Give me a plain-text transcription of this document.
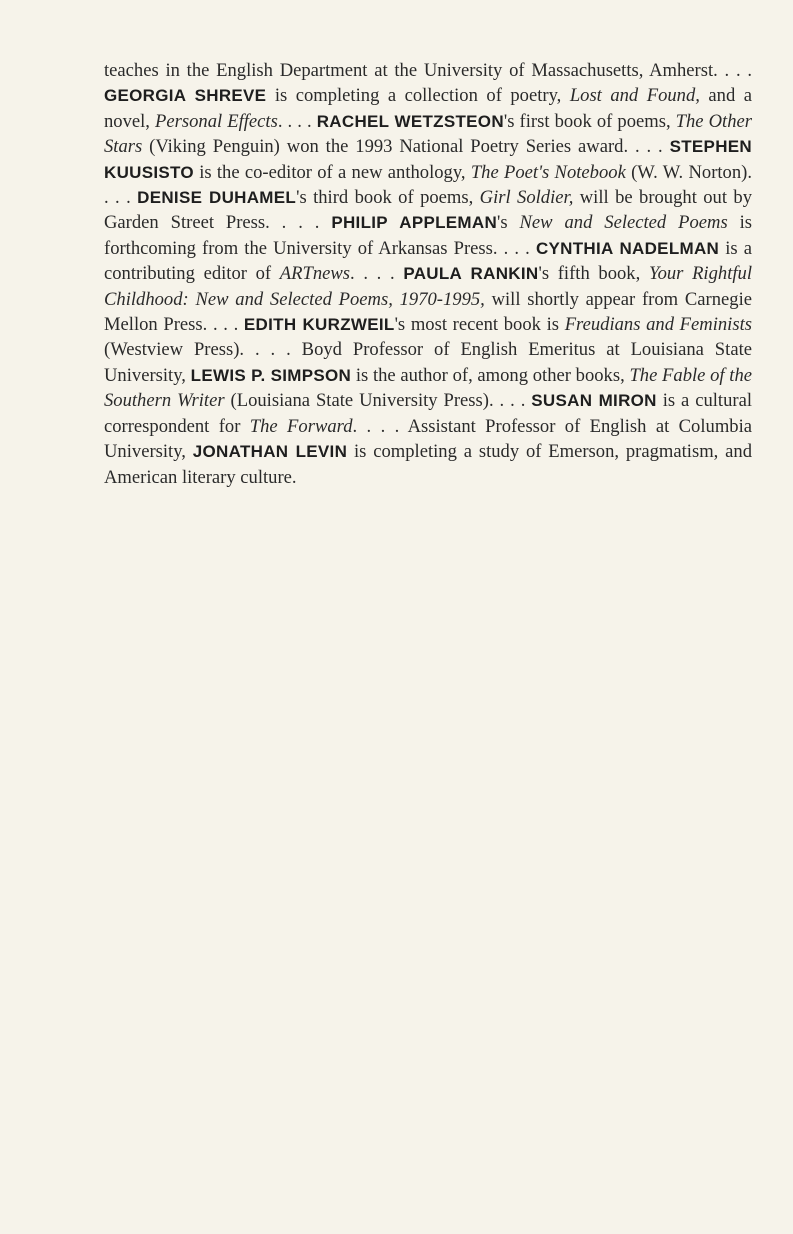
teaches in the English Department at the University of Massachusetts, Amherst. . . . GEORGIA SHREVE is completing a collection of poetry, Lost and Found, and a novel, Personal Effects. . . . RACHEL WETZSTEON's first book of poems, The Other Stars (Viking Penguin) won the 1993 National Poetry Series award. . . . STEPHEN KUUSISTO is the co-editor of a new anthology, The Poet's Notebook (W. W. Norton). . . . DENISE DUHAMEL's third book of poems, Girl Soldier, will be brought out by Garden Street Press. . . . PHILIP APPLEMAN's New and Selected Poems is forthcoming from the University of Arkansas Press. . . . CYNTHIA NADELMAN is a contributing editor of ARTnews. . . . PAULA RANKIN's fifth book, Your Rightful Childhood: New and Selected Poems, 1970-1995, will shortly appear from Carnegie Mellon Press. . . . EDITH KURZWEIL's most recent book is Freudians and Feminists (Westview Press). . . . Boyd Professor of English Emeritus at Louisiana State University, LEWIS P. SIMPSON is the author of, among other books, The Fable of the Southern Writer (Louisiana State University Press). . . . SUSAN MIRON is a cultural correspondent for The Forward. . . . Assistant Professor of English at Columbia University, JONATHAN LEVIN is completing a study of Emerson, pragmatism, and American literary culture.
